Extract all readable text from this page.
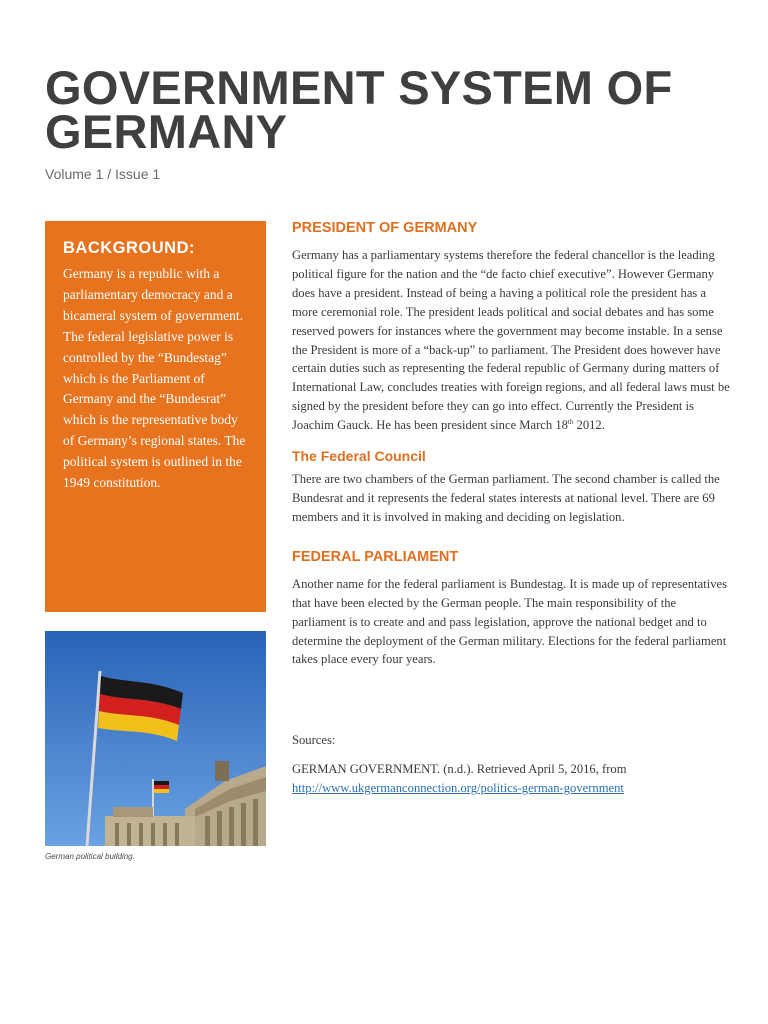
GOVERNMENT SYSTEM OF GERMANY
Volume 1 / Issue 1
BACKGROUND:

Germany is a republic with a parliamentary democracy and a bicameral system of government. The federal legislative power is controlled by the “Bundestag” which is the Parliament of Germany and the “Bundesrat” which is the representative body of Germany’s regional states. The political system is outlined in the 1949 constitution.

German political building.
PRESIDENT OF GERMANY

Germany has a parliamentary systems therefore the federal chancellor is the leading political figure for the nation and the “de facto chief executive”. However Germany does have a president. Instead of being a having a political role the president has a more ceremonial role. The president leads political and social debates and has some reserved powers for instances where the government may become instable. In a sense the President is more of a “back-up” to parliament. The President does however have certain duties such as representing the federal republic of Germany during matters of International Law, concludes treaties with foreign regions, and all federal laws must be signed by the president before they can go into effect. Currently the President is Joachim Gauck. He has been president since March 18th 2012.

The Federal Council

There are two chambers of the German parliament. The second chamber is called the Bundesrat and it represents the federal states interests at national level. There are 69 members and it is involved in making and deciding on legislation.

FEDERAL PARLIAMENT

Another name for the federal parliament is Bundestag. It is made up of representatives that have been elected by the German people. The main responsibility of the parliament is to create and and pass legislation, approve the national bedget and to determine the deployment of the German military. Elections for the federal parliament takes place every four years.

Sources:

GERMAN GOVERNMENT. (n.d.). Retrieved April 5, 2016, from

http://www.ukgermanconnection.org/politics-german-government
